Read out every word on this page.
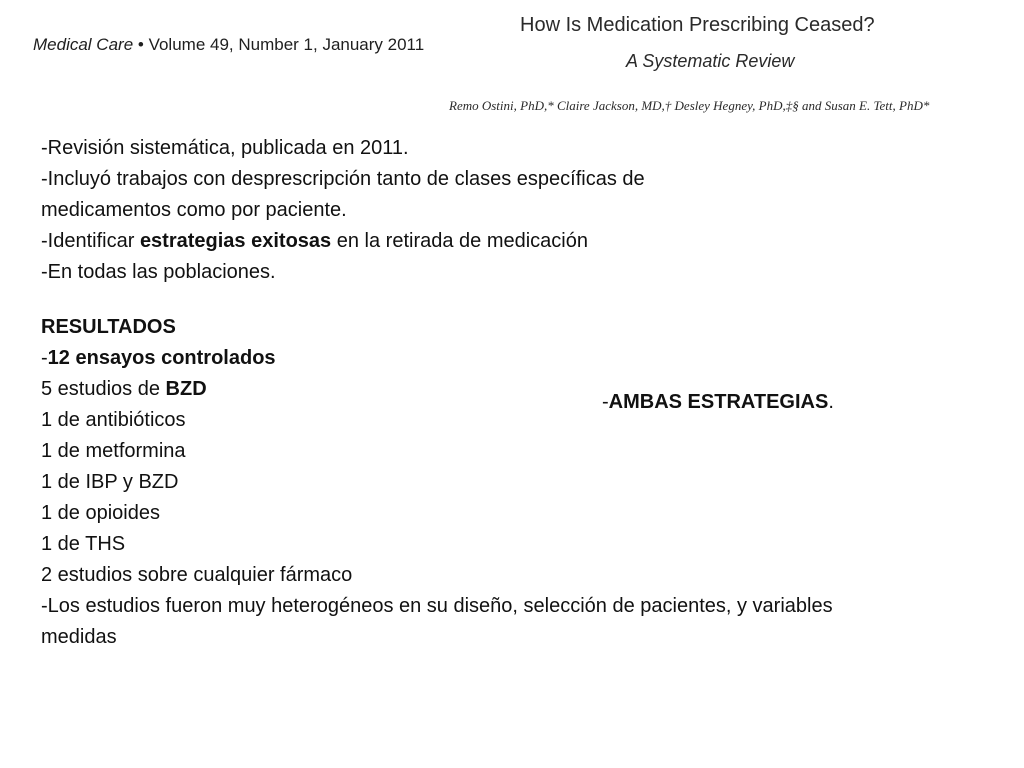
Medical Care • Volume 49, Number 1, January 2011
How Is Medication Prescribing Ceased?
A Systematic Review
Remo Ostini, PhD,* Claire Jackson, MD,† Desley Hegney, PhD,‡§ and Susan E. Tett, PhD*
-Revisión sistemática, publicada en 2011.
-Incluyó trabajos con desprescripción tanto de clases específicas de
medicamentos como por paciente.
-Identificar estrategias exitosas en la retirada de medicación
-En todas las poblaciones.
RESULTADOS
-12 ensayos controlados
5 estudios de BZD
1 de antibióticos
1 de metformina
1 de IBP y BZD
1 de opioides
1 de THS
2 estudios sobre cualquier fármaco
-Los estudios fueron muy heterogéneos en su diseño, selección de pacientes, y variables
medidas
-AMBAS ESTRATEGIAS.
